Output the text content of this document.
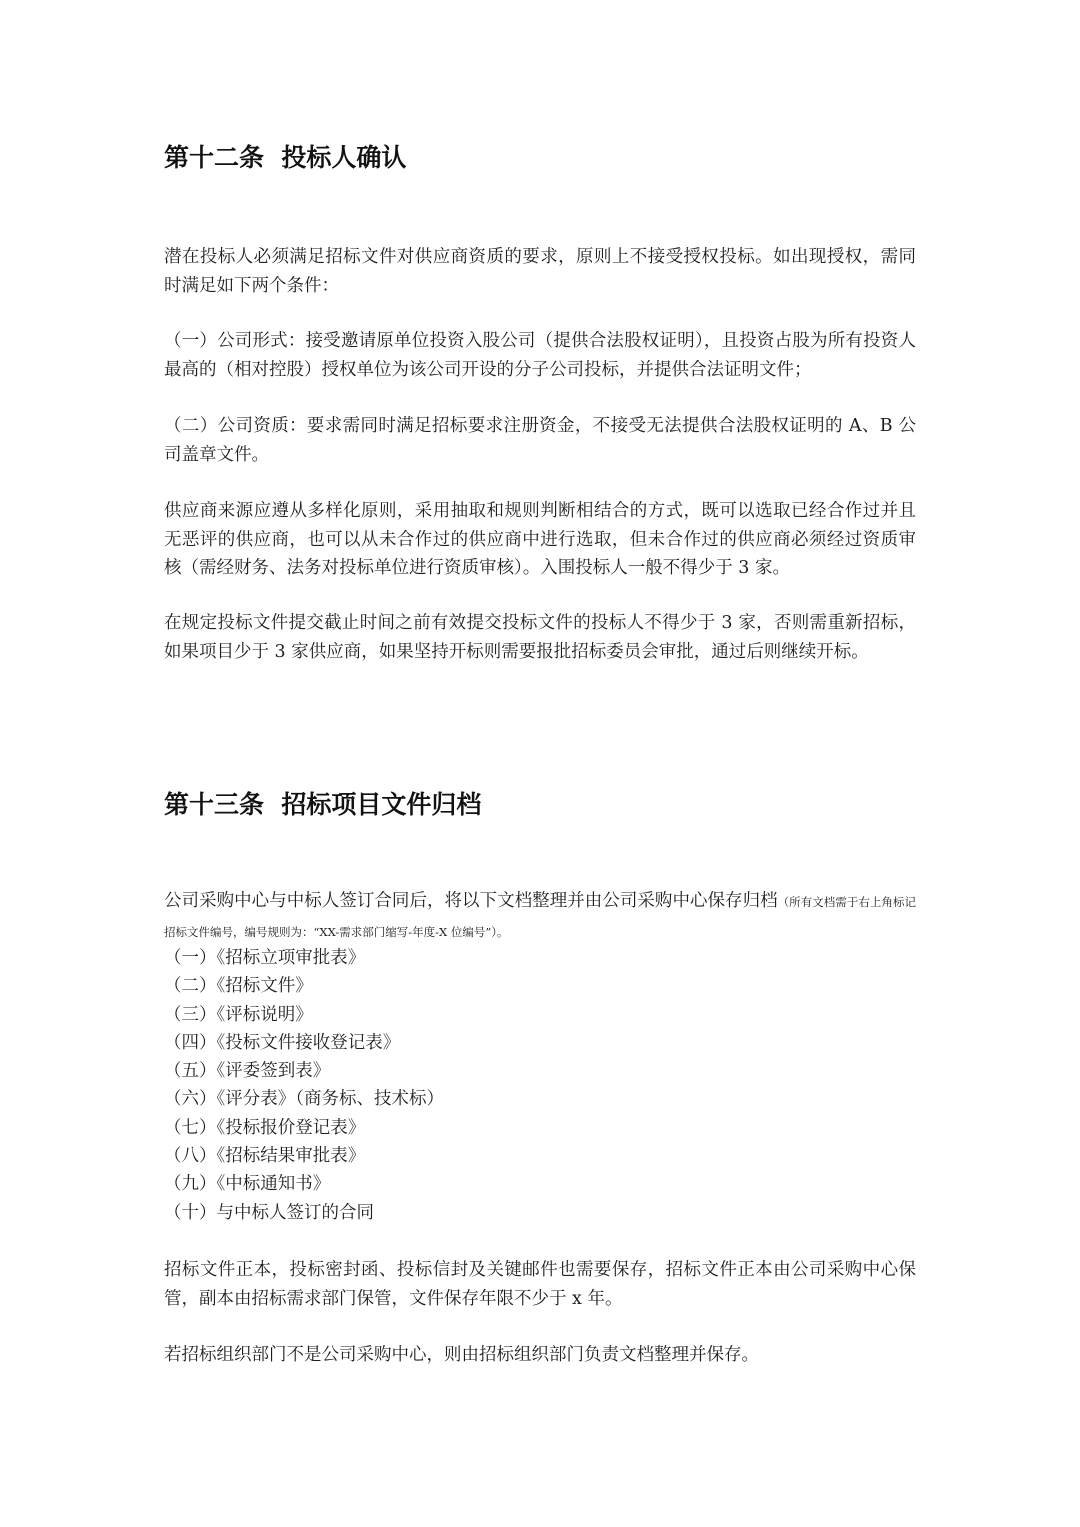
第十二条  投标人确认

潜在投标人必须满足招标文件对供应商资质的要求，原则上不接受授权投标。如出现授权，需同时满足如下两个条件：

（一）公司形式：接受邀请原单位投资入股公司（提供合法股权证明），且投资占股为所有投资人最高的（相对控股）授权单位为该公司开设的分子公司投标，并提供合法证明文件；

（二）公司资质：要求需同时满足招标要求注册资金，不接受无法提供合法股权证明的 A、B 公司盖章文件。

供应商来源应遵从多样化原则，采用抽取和规则判断相结合的方式，既可以选取已经合作过并且无恶评的供应商，也可以从未合作过的供应商中进行选取，但未合作过的供应商必须经过资质审核（需经财务、法务对投标单位进行资质审核）。入围投标人一般不得少于 3 家。

在规定投标文件提交截止时间之前有效提交投标文件的投标人不得少于 3 家，否则需重新招标，如果项目少于 3 家供应商，如果坚持开标则需要报批招标委员会审批，通过后则继续开标。

第十三条  招标项目文件归档

公司采购中心与中标人签订合同后，将以下文档整理并由公司采购中心保存归档（所有文档需于右上角标记招标文件编号，编号规则为：“XX-需求部门缩写-年度-X 位编号”）。

（一）《招标立项审批表》
（二）《招标文件》
（三）《评标说明》
（四）《投标文件接收登记表》
（五）《评委签到表》
（六）《评分表》（商务标、技术标）
（七）《投标报价登记表》
（八）《招标结果审批表》
（九）《中标通知书》
（十）与中标人签订的合同

招标文件正本，投标密封函、投标信封及关键邮件也需要保存，招标文件正本由公司采购中心保管，副本由招标需求部门保管，文件保存年限不少于 x 年。

若招标组织部门不是公司采购中心，则由招标组织部门负责文档整理并保存。
